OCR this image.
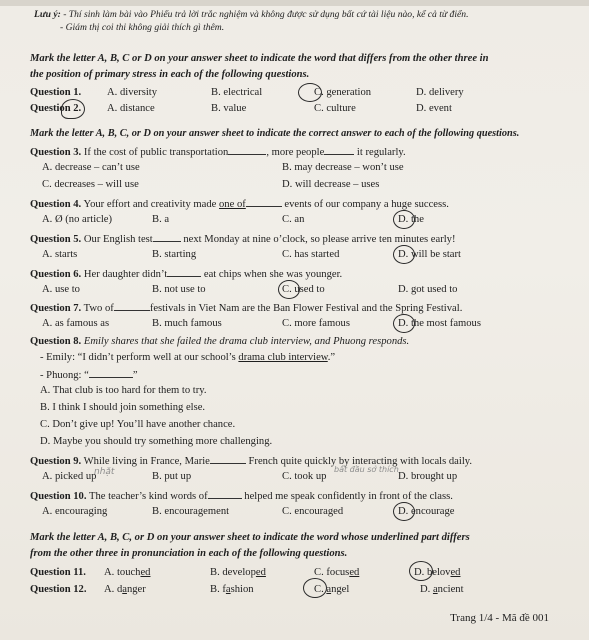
Lưu ý: - Thí sinh làm bài vào Phiếu trả lời trắc nghiệm và không được sử dụng bất cứ tài liệu nào, kể cả từ điển.
- Giám thị coi thi không giải thích gì thêm.
Mark the letter A, B, C or D on your answer sheet to indicate the word that differs from the other three in
the position of primary stress in each of the following questions.
Question 1. A. diversity	B. electrical	C. generation	D. delivery
Question 2. A. distance	B. value	C. culture	D. event
Mark the letter A, B, C, or D on your answer sheet to indicate the correct answer to each of the following questions.
Question 3. If the cost of public transportation	, more people	it regularly.
A. decrease – can’t use	B. may decrease – won’t use
C. decreases – will use	D. will decrease – uses
Question 4. Your effort and creativity made one of	events of our company a huge success.
A. Ø (no article)	B. a	C. an	D. the
Question 5. Our English test	next Monday at nine o’clock, so please arrive ten minutes early!
A. starts	B. starting	C. has started	D. will be start
Question 6. Her daughter didn’t	eat chips when she was younger.
A. use to	B. not use to	C. used to	D. got used to
Question 7. Two of	festivals in Viet Nam are the Ban Flower Festival and the Spring Festival.
A. as famous as	B. much famous	C. more famous	D. the most famous
Question 8. Emily shares that she failed the drama club interview, and Phuong responds.
- Emily: “I didn’t perform well at our school’s drama club interview.”
- Phuong: “	”
A. That club is too hard for them to try.
B. I think I should join something else.
C. Don’t give up! You’ll have another chance.
D. Maybe you should try something more challenging.
Question 9. While living in France, Marie	French quite quickly by interacting with locals daily.
A. picked up	B. put up	C. took up	D. brought up
nhặt	bắt đầu sở thích
Question 10. The teacher’s kind words of	helped me speak confidently in front of the class.
A. encouraging	B. encouragement	C. encouraged	D. encourage
Mark the letter A, B, C, or D on your answer sheet to indicate the word whose underlined part differs
from the other three in pronunciation in each of the following questions.
Question 11. A. touched	B. developed	C. focused	D. beloved
Question 12. A. danger	B. fashion	C. angel	D. ancient
Trang 1/4 - Mã đề 001
